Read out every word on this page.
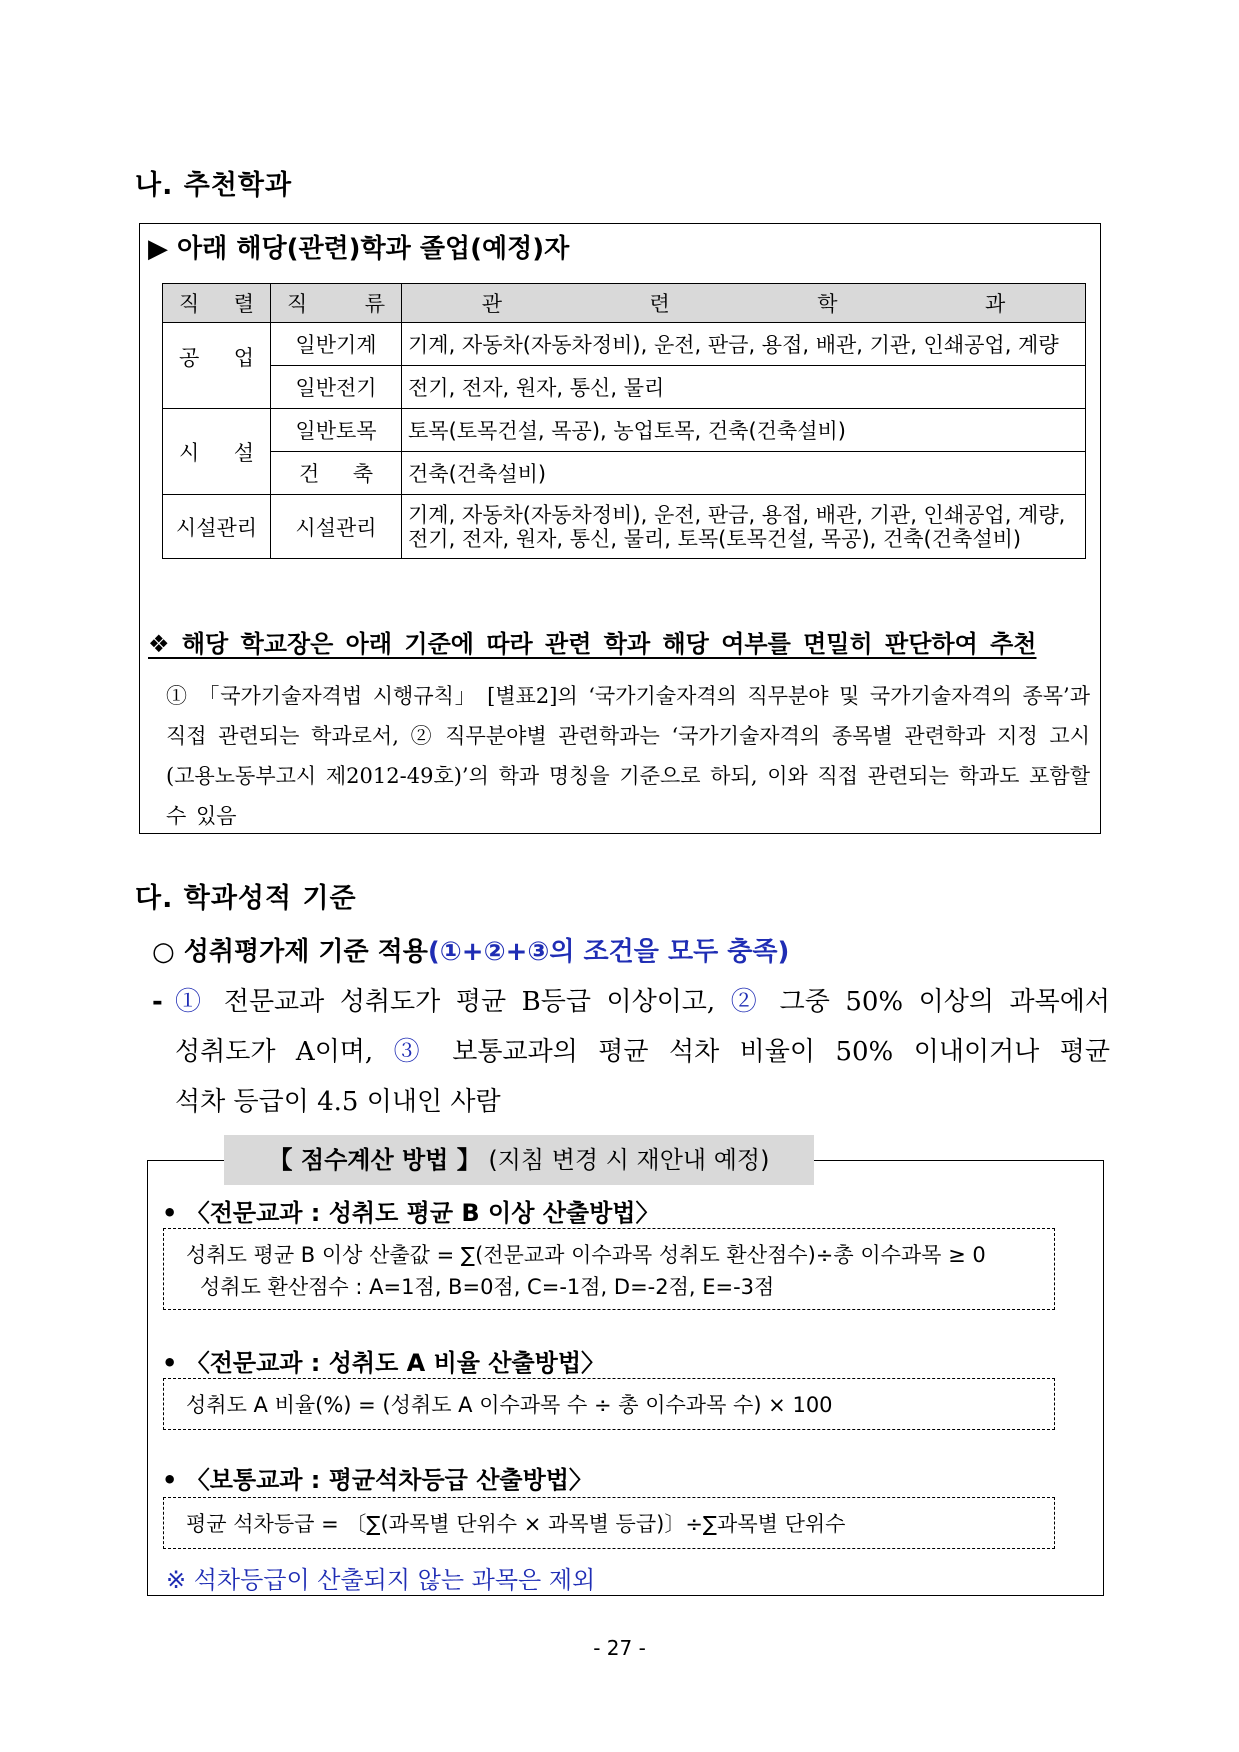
나. 추천학과
▶ 아래 해당(관련)학과 졸업(예정)자
직 렬	직 류	관 련 학 과

공 업	일반기계	기계, 자동차(자동차정비), 운전, 판금, 용접, 배관, 기관, 인쇄공업, 계량
	일반전기	전기, 전자, 원자, 통신, 물리

시 설	일반토목	토목(토목건설, 목공), 농업토목, 건축(건축설비)

	건 축	건축(건축설비)
시설관리	시설관리	기계, 자동차(자동차정비), 운전, 판금, 용접, 배관, 기관, 인쇄공업, 계량,
전기, 전자, 원자, 통신, 물리, 토목(토목건설, 목공), 건축(건축설비)
❖ 해당 학교장은 아래 기준에 따라 관련 학과 해당 여부를 면밀히 판단하여 추천
① 「국가기술자격법 시행규칙」 [별표2]의 ‘국가기술자격의 직무분야 및 국가기술자격의 종목’과 직접 관련되는 학과로서, ② 직무분야별 관련학과는 ‘국가기술자격의 종목별 관련학과 지정 고시(고용노동부고시 제2012-49호)’의 학과 명칭을 기준으로 하되, 이와 직접 관련되는 학과도 포함할 수 있음
다. 학과성적 기준
○ 성취평가제 기준 적용(①+②+③의 조건을 모두 충족)
- ① 전문교과 성취도가 평균 B등급 이상이고, ② 그중 50% 이상의 과목에서
성취도가 A이며, ③ 보통교과의 평균 석차 비율이 50% 이내이거나 평균
석차 등급이 4.5 이내인 사람
【 점수계산 방법 】 (지침 변경 시 재안내 예정)
• 〈전문교과 : 성취도 평균 B 이상 산출방법〉
성취도 평균 B 이상 산출값 = ∑(전문교과 이수과목 성취도 환산점수)÷총 이수과목 ≥ 0
성취도 환산점수 : A=1점, B=0점, C=-1점, D=-2점, E=-3점
• 〈전문교과 : 성취도 A 비율 산출방법〉
성취도 A 비율(%) = (성취도 A 이수과목 수 ÷ 총 이수과목 수) × 100
• 〈보통교과 : 평균석차등급 산출방법〉
평균 석차등급 = 〔∑(과목별 단위수 × 과목별 등급)〕÷∑과목별 단위수
※ 석차등급이 산출되지 않는 과목은 제외
- 27 -
